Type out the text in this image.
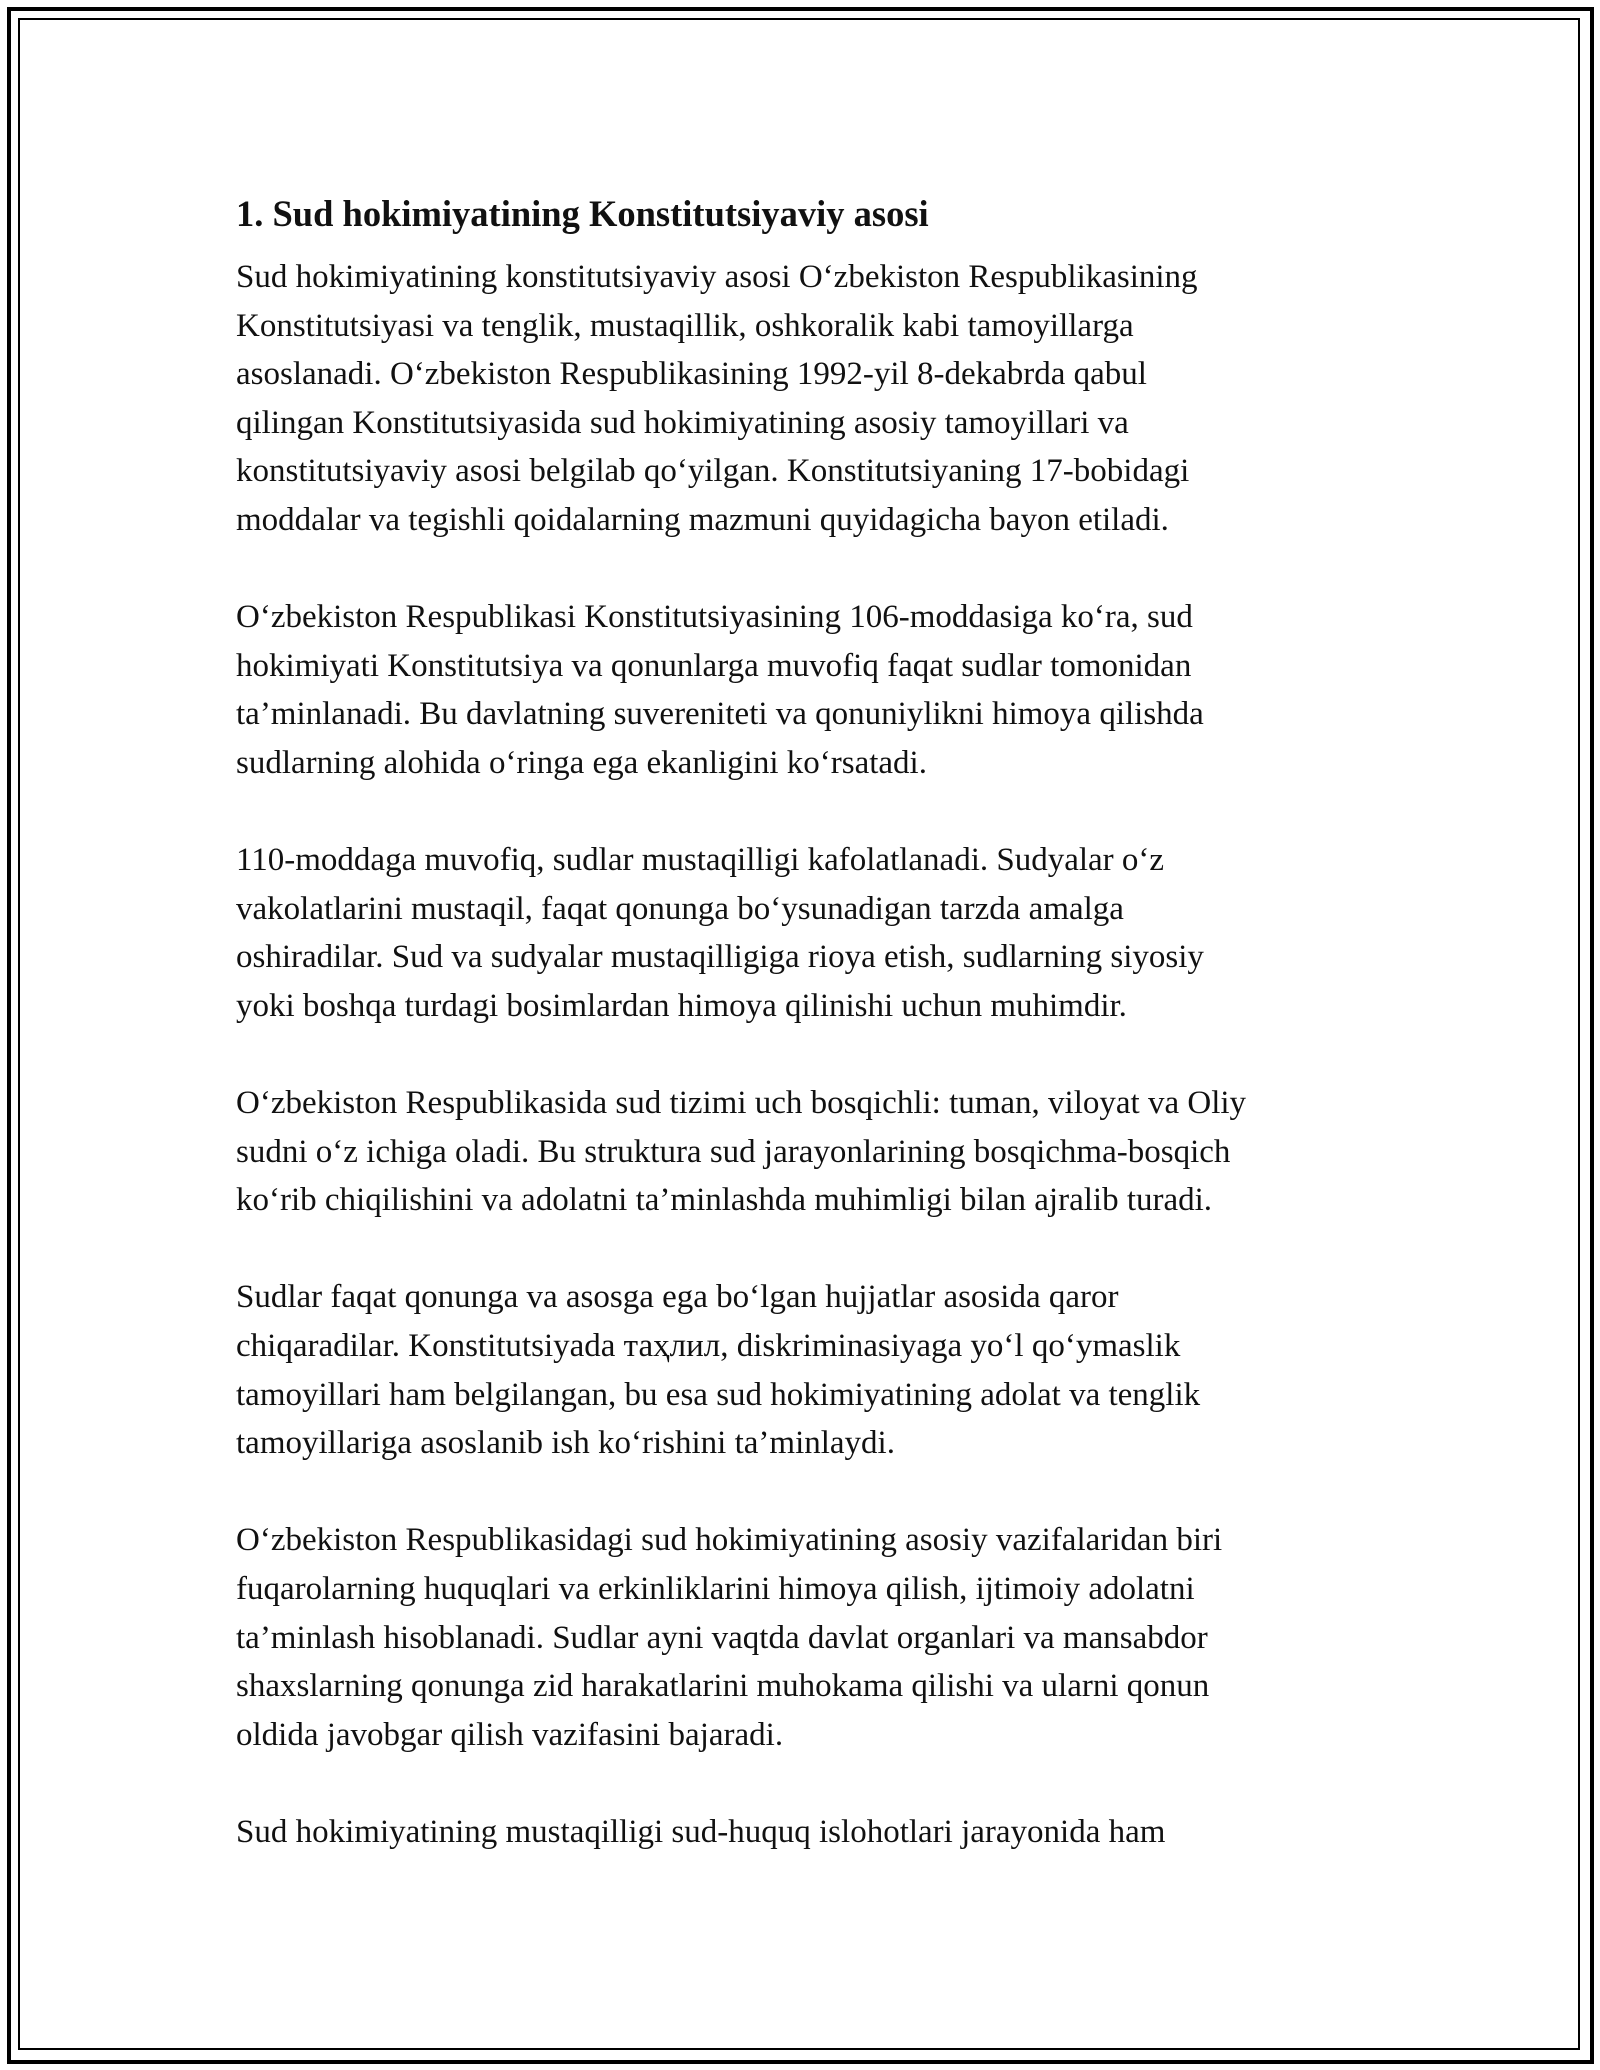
1. Sud hokimiyatining Konstitutsiyaviy asosi

Sud hokimiyatining konstitutsiyaviy asosi O‘zbekiston Respublikasining
Konstitutsiyasi va tenglik, mustaqillik, oshkoralik kabi tamoyillarga
asoslanadi. O‘zbekiston Respublikasining 1992-yil 8-dekabrda qabul
qilingan Konstitutsiyasida sud hokimiyatining asosiy tamoyillari va
konstitutsiyaviy asosi belgilab qo‘yilgan. Konstitutsiyaning 17-bobidagi
moddalar va tegishli qoidalarning mazmuni quyidagicha bayon etiladi.

O‘zbekiston Respublikasi Konstitutsiyasining 106-moddasiga ko‘ra, sud
hokimiyati Konstitutsiya va qonunlarga muvofiq faqat sudlar tomonidan
ta’minlanadi. Bu davlatning suvereniteti va qonuniylikni himoya qilishda
sudlarning alohida o‘ringa ega ekanligini ko‘rsatadi.

110-moddaga muvofiq, sudlar mustaqilligi kafolatlanadi. Sudyalar o‘z
vakolatlarini mustaqil, faqat qonunga bo‘ysunadigan tarzda amalga
oshiradilar. Sud va sudyalar mustaqilligiga rioya etish, sudlarning siyosiy
yoki boshqa turdagi bosimlardan himoya qilinishi uchun muhimdir.

O‘zbekiston Respublikasida sud tizimi uch bosqichli: tuman, viloyat va Oliy
sudni o‘z ichiga oladi. Bu struktura sud jarayonlarining bosqichma-bosqich
ko‘rib chiqilishini va adolatni ta’minlashda muhimligi bilan ajralib turadi.

Sudlar faqat qonunga va asosga ega bo‘lgan hujjatlar asosida qaror
chiqaradilar. Konstitutsiyada таҳлил, diskriminasiyaga yo‘l qo‘ymaslik
tamoyillari ham belgilangan, bu esa sud hokimiyatining adolat va tenglik
tamoyillariga asoslanib ish ko‘rishini ta’minlaydi.

O‘zbekiston Respublikasidagi sud hokimiyatining asosiy vazifalaridan biri
fuqarolarning huquqlari va erkinliklarini himoya qilish, ijtimoiy adolatni
ta’minlash hisoblanadi. Sudlar ayni vaqtda davlat organlari va mansabdor
shaxslarning qonunga zid harakatlarini muhokama qilishi va ularni qonun
oldida javobgar qilish vazifasini bajaradi.

Sud hokimiyatining mustaqilligi sud-huquq islohotlari jarayonida ham
